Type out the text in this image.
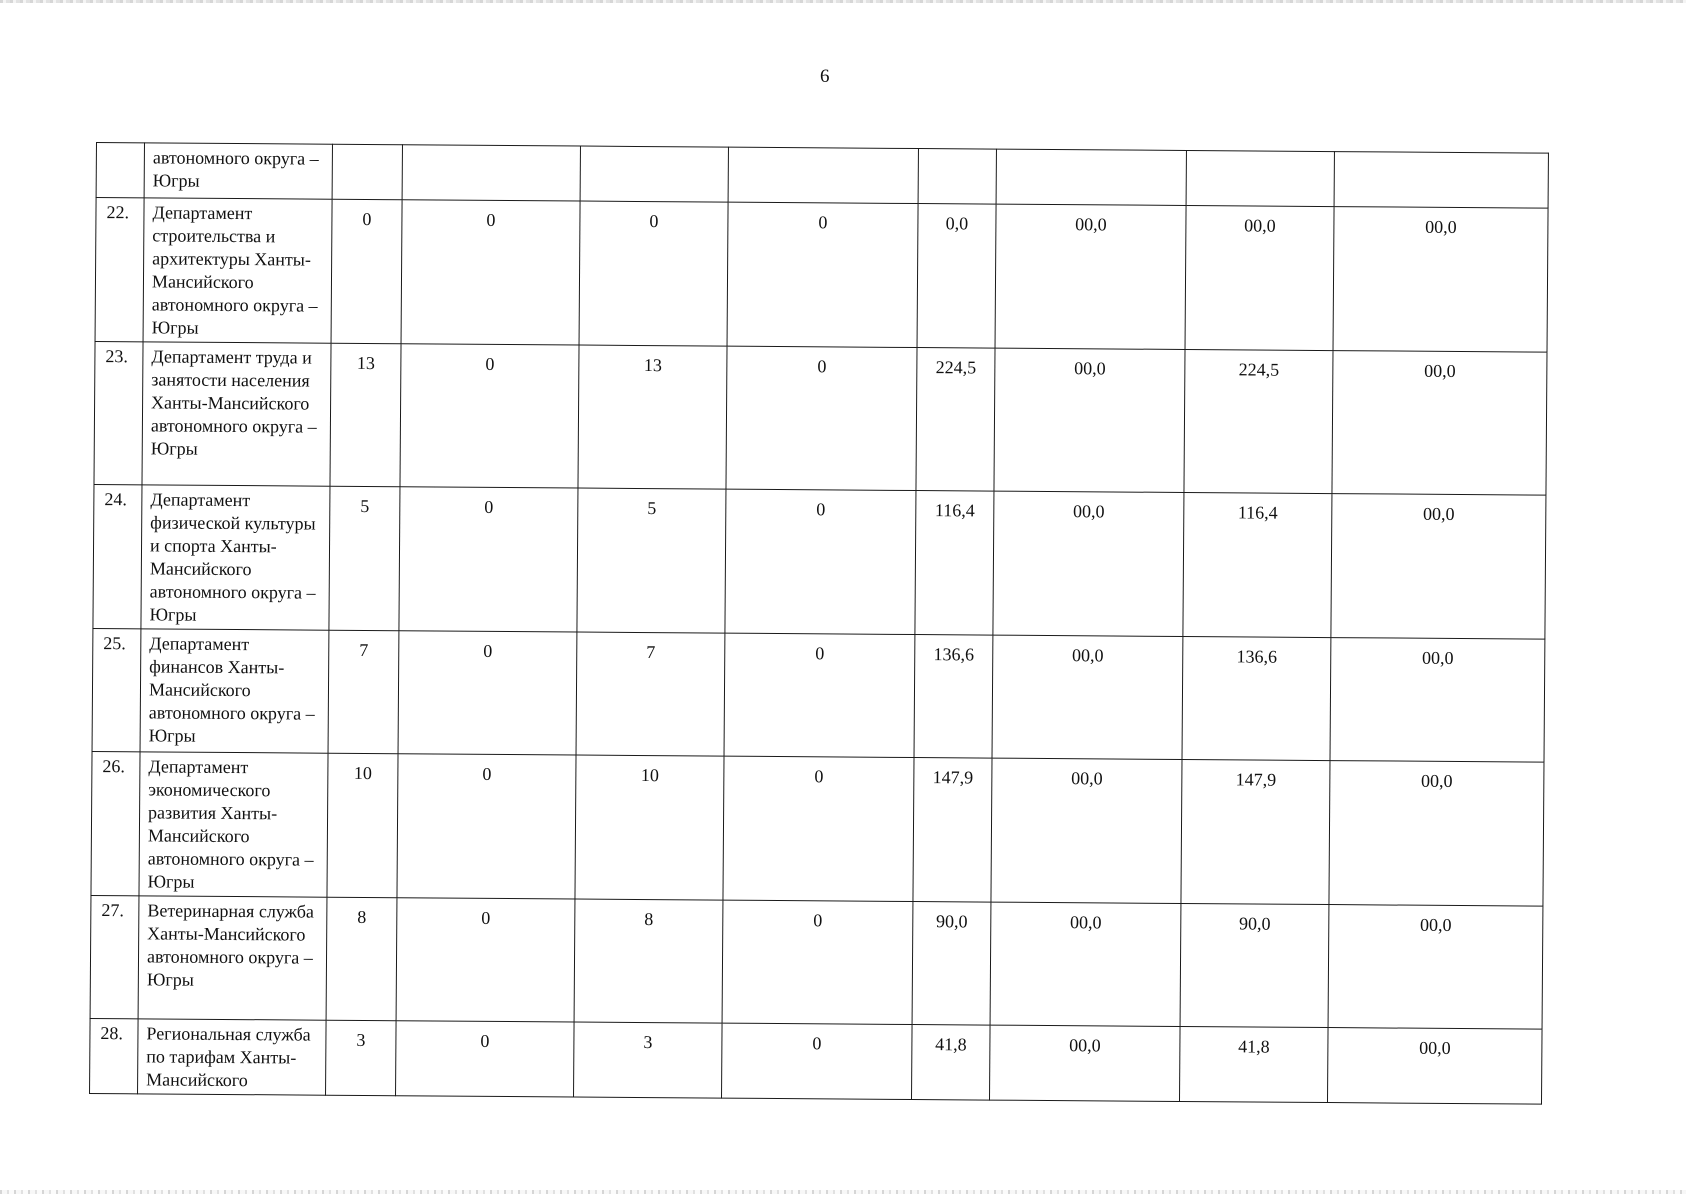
6
	автономного округа – Югры								
22.	Департамент строительства и архитектуры Ханты-Мансийского автономного округа – Югры	0	0	0	0	0,0	00,0	00,0	00,0
23.	Департамент труда и занятости населения Ханты-Мансийского автономного округа – Югры	13	0	13	0	224,5	00,0	224,5	00,0
24.	Департамент физической культуры и спорта Ханты-Мансийского автономного округа – Югры	5	0	5	0	116,4	00,0	116,4	00,0
25.	Департамент финансов Ханты-Мансийского автономного округа – Югры	7	0	7	0	136,6	00,0	136,6	00,0
26.	Департамент экономического развития Ханты-Мансийского автономного округа – Югры	10	0	10	0	147,9	00,0	147,9	00,0
27.	Ветеринарная служба Ханты-Мансийского автономного округа – Югры	8	0	8	0	90,0	00,0	90,0	00,0
28.	Региональная служба по тарифам Ханты-Мансийского	3	0	3	0	41,8	00,0	41,8	00,0
